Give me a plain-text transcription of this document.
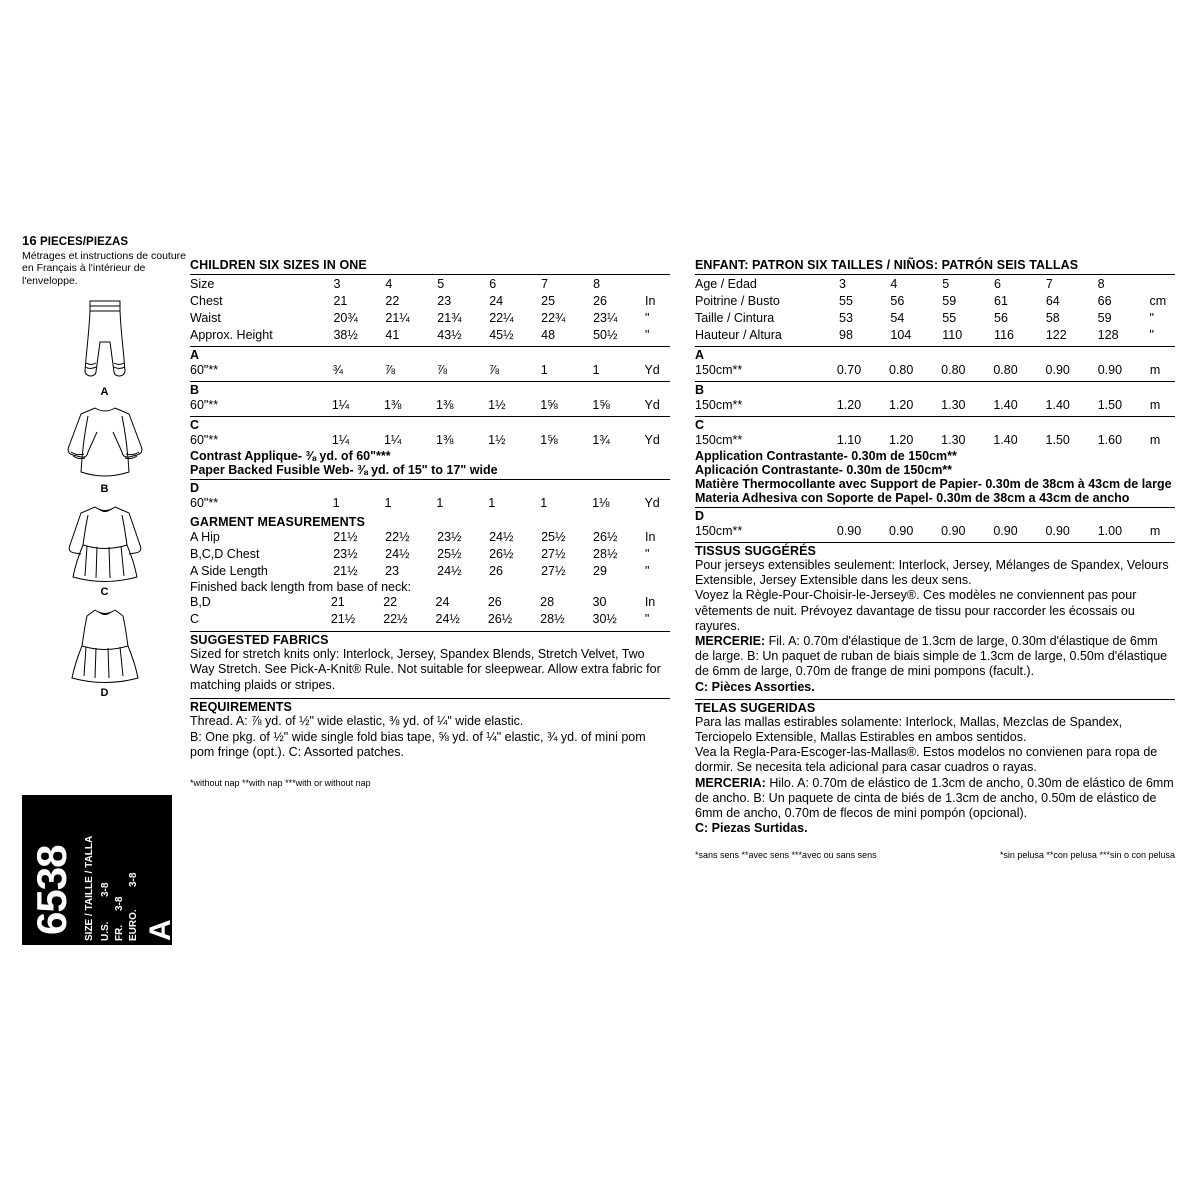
16 PIECES/PIEZAS
Métrages et instructions de couture en Français à l'intérieur de l'enveloppe.
A
B
C
D
6538 SIZE / TAILLE / TALLA U.S.
3-8
FR.
3-8
EURO.
3-8
A
CHILDREN SIX SIZES IN ONE
Size	3	4	5	6	7	8	
Chest	21	22	23	24	25	26	In
Waist	20¾	21¼	21¾	22¼	22¾	23¼	"
Approx. Height	38½	41	43½	45½	48	50½	"
A
60"**	¾	⅞	⅞	⅞	1	1	Yd
B
60"**	1¼	1⅜	1⅜	1½	1⅝	1⅝	Yd
C
60"**	1¼	1¼	1⅜	1½	1⅝	1¾	Yd
Contrast Applique- ⅜ yd. of 60"***
Paper Backed Fusible Web- ⅜ yd. of 15" to 17" wide
D
60"**	1	1	1	1	1	1⅛	Yd
GARMENT MEASUREMENTS
A Hip	21½	22½	23½	24½	25½	26½	In
B,C,D Chest	23½	24½	25½	26½	27½	28½	"
A Side Length	21½	23	24½	26	27½	29	"
Finished back length from base of neck:
B,D	21	22	24	26	28	30	In
C	21½	22½	24½	26½	28½	30½	"
SUGGESTED FABRICS
Sized for stretch knits only: Interlock, Jersey, Spandex Blends, Stretch Velvet, Two Way Stretch. See Pick-A-Knit® Rule. Not suitable for sleepwear. Allow extra fabric for matching plaids or stripes.
REQUIREMENTS
Thread. A: ⅞ yd. of ½" wide elastic, ⅜ yd. of ¼" wide elastic.
B: One pkg. of ½" wide single fold bias tape, ⅝ yd. of ¼" elastic, ¾ yd. of mini pom pom fringe (opt.). C: Assorted patches.
*without nap **with nap ***with or without nap
ENFANT: PATRON SIX TAILLES / NIÑOS: PATRÓN SEIS TALLAS
Age / Edad	3	4	5	6	7	8	
Poitrine / Busto	55	56	59	61	64	66	cm
Taille / Cintura	53	54	55	56	58	59	"
Hauteur / Altura	98	104	110	116	122	128	"
A
150cm**	0.70	0.80	0.80	0.80	0.90	0.90	m
B
150cm**	1.20	1.20	1.30	1.40	1.40	1.50	m
C
150cm**	1.10	1.20	1.30	1.40	1.50	1.60	m
Application Contrastante- 0.30m de 150cm**
Aplicación Contrastante- 0.30m de 150cm**
Matière Thermocollante avec Support de Papier- 0.30m de 38cm à 43cm de large
Materia Adhesiva con Soporte de Papel- 0.30m de 38cm a 43cm de ancho
D
150cm**	0.90	0.90	0.90	0.90	0.90	1.00	m
TISSUS SUGGÉRÉS
Pour jerseys extensibles seulement: Interlock, Jersey, Mélanges de Spandex, Velours Extensible, Jersey Extensible dans les deux sens.
Voyez la Règle-Pour-Choisir-le-Jersey®. Ces modèles ne conviennent pas pour vêtements de nuit. Prévoyez davantage de tissu pour raccorder les écossais ou rayures.
MERCERIE: Fil. A: 0.70m d'élastique de 1.3cm de large, 0.30m d'élastique de 6mm de large. B: Un paquet de ruban de biais simple de 1.3cm de large, 0.50m d'élastique de 6mm de large, 0.70m de frange de mini pompons (facult.).
C: Pièces Assorties.
TELAS SUGERIDAS
Para las mallas estirables solamente: Interlock, Mallas, Mezclas de Spandex, Terciopelo Extensible, Mallas Estirables en ambos sentidos.
Vea la Regla-Para-Escoger-las-Mallas®. Estos modelos no convienen para ropa de dormir. Se necesita tela adicional para casar cuadros o rayas.
MERCERIA: Hilo. A: 0.70m de elástico de 1.3cm de ancho, 0.30m de elástico de 6mm de ancho. B: Un paquete de cinta de biés de 1.3cm de ancho, 0.50m de elástico de 6mm de ancho, 0.70m de flecos de mini pompón (opcional).
C: Piezas Surtidas.
*sans sens **avec sens ***avec ou sans sens	*sin pelusa **con pelusa ***sin o con pelusa
